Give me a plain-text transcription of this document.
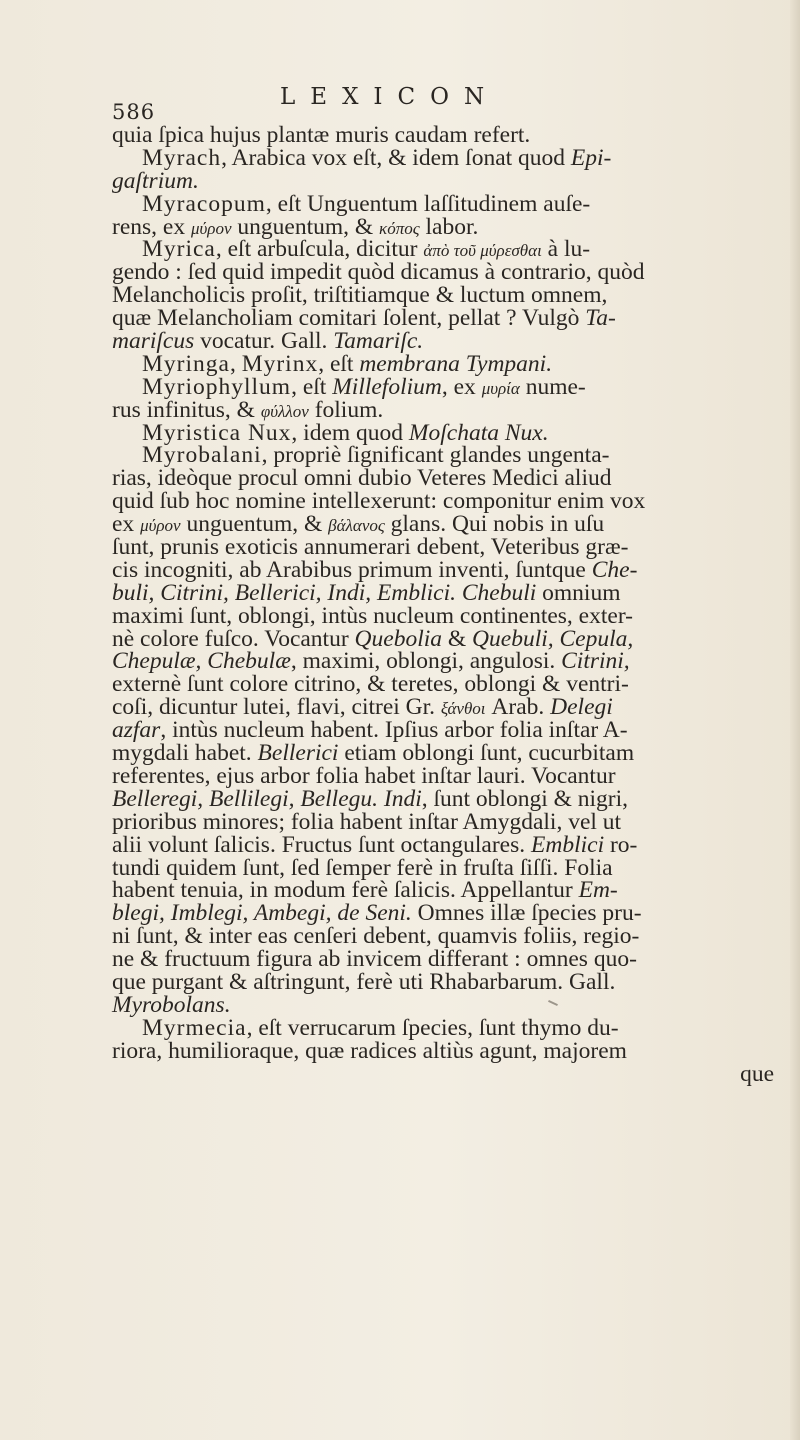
586
LEXICON
quia ſpica hujus plantæ muris caudam refert.
Myrach, Arabica vox eſt, & idem ſonat quod Epi-
gaſtrium.
Myracopum, eſt Unguentum laſſitudinem auſe-
rens, ex μύρον unguentum, & κόπος labor.
Myrica, eſt arbuſcula, dicitur ἀπὸ τοῦ μύρεσθαι à lu-
gendo : ſed quid impedit quòd dicamus à contrario, quòd
Melancholicis proſit, triſtitiamque & luctum omnem,
quæ Melancholiam comitari ſolent, pellat ? Vulgò Ta-
mariſcus vocatur. Gall. Tamariſc.
Myringa, Myrinx, eſt membrana Tympani.
Myriophyllum, eſt Millefolium, ex μυρία nume-
rus infinitus, & φύλλον folium.
Myristica Nux, idem quod Moſchata Nux.
Myrobalani, propriè ſignificant glandes ungenta-
rias, ideòque procul omni dubio Veteres Medici aliud
quid ſub hoc nomine intellexerunt: componitur enim vox
ex μύρον unguentum, & βάλανος glans. Qui nobis in uſu
ſunt, prunis exoticis annumerari debent, Veteribus græ-
cis incogniti, ab Arabibus primum inventi, ſuntque Che-
buli, Citrini, Bellerici, Indi, Emblici. Chebuli omnium
maximi ſunt, oblongi, intùs nucleum continentes, exter-
nè colore fuſco. Vocantur Quebolia & Quebuli, Cepula,
Chepulæ, Chebulæ, maximi, oblongi, angulosi. Citrini,
externè ſunt colore citrino, & teretes, oblongi & ventri-
coſi, dicuntur lutei, flavi, citrei Gr. ξάνθοι Arab. Delegi
azfar, intùs nucleum habent. Ipſius arbor folia inſtar A-
mygdali habet. Bellerici etiam oblongi ſunt, cucurbitam
referentes, ejus arbor folia habet inſtar lauri. Vocantur
Belleregi, Bellilegi, Bellegu. Indi, ſunt oblongi & nigri,
prioribus minores; folia habent inſtar Amygdali, vel ut
alii volunt ſalicis. Fructus ſunt octangulares. Emblici ro-
tundi quidem ſunt, ſed ſemper ferè in fruſta ſiſſi. Folia
habent tenuia, in modum ferè ſalicis. Appellantur Em-
blegi, Imblegi, Ambegi, de Seni. Omnes illæ ſpecies pru-
ni ſunt, & inter eas cenſeri debent, quamvis foliis, regio-
ne & fructuum figura ab invicem differant : omnes quo-
que purgant & aſtringunt, ferè uti Rhabarbarum. Gall.
Myrobolans.
Myrmecia, eſt verrucarum ſpecies, ſunt thymo du-
riora, humilioraque, quæ radices altiùs agunt, majorem
que
